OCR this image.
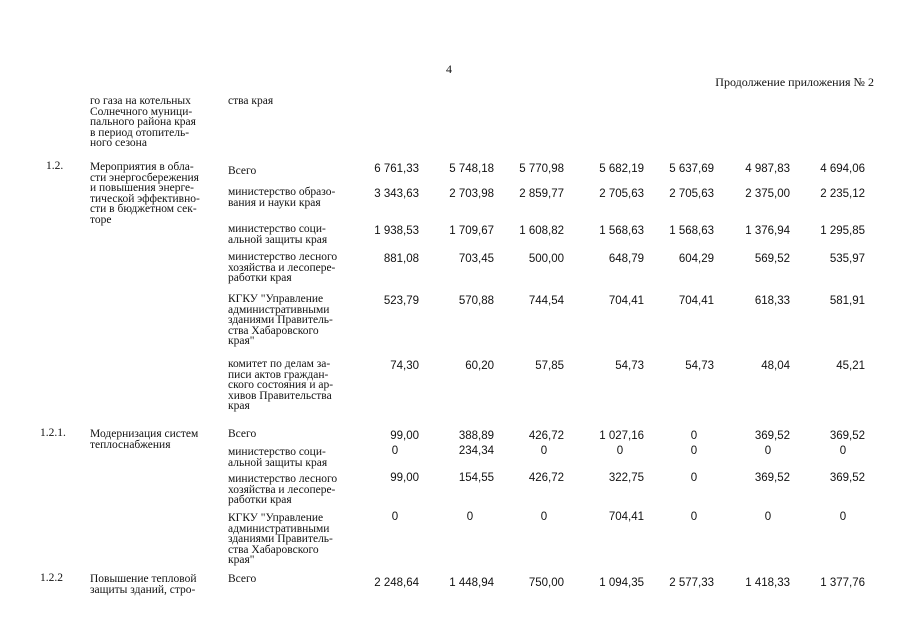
4
Продолжение приложения № 2
го газа на котельных
Солнечного муници-
пального района края
в период отопитель-
ного сезона
ства края
1.2. Мероприятия в обла-
сти энергосбережения
и повышения энерге-
тической эффективно-
сти в бюджетном сек-
торе
Всего	6 761,33	5 748,18	5 770,98	5 682,19	5 637,69	4 987,83	4 694,06
министерство образо-
вания и науки края
3 343,63	2 703,98	2 859,77	2 705,63	2 705,63	2 375,00	2 235,12
министерство соци-
альной защиты края
1 938,53	1 709,67	1 608,82	1 568,63	1 568,63	1 376,94	1 295,85
министерство лесного
хозяйства и лесопере-
работки края
881,08	703,45	500,00	648,79	604,29	569,52	535,97
КГКУ "Управление
административными
зданиями Правитель-
ства Хабаровского
края"
523,79	570,88	744,54	704,41	704,41	618,33	581,91
комитет по делам за-
писи актов граждан-
ского состояния и ар-
хивов Правительства
края
74,30	60,20	57,85	54,73	54,73	48,04	45,21
1.2.1. Модернизация систем
теплоснабжения
Всего	99,00	388,89	426,72	1 027,16	0	369,52	369,52
министерство соци-
альной защиты края
0	234,34	0	0	0	0	0
министерство лесного
хозяйства и лесопере-
работки края
99,00	154,55	426,72	322,75	0	369,52	369,52
КГКУ "Управление
административными
зданиями Правитель-
ства Хабаровского
края"
0	0	0	704,41	0	0	0
1.2.2 Повышение тепловой
защиты зданий, стро-
Всего	2 248,64	1 448,94	750,00	1 094,35	2 577,33	1 418,33	1 377,76
